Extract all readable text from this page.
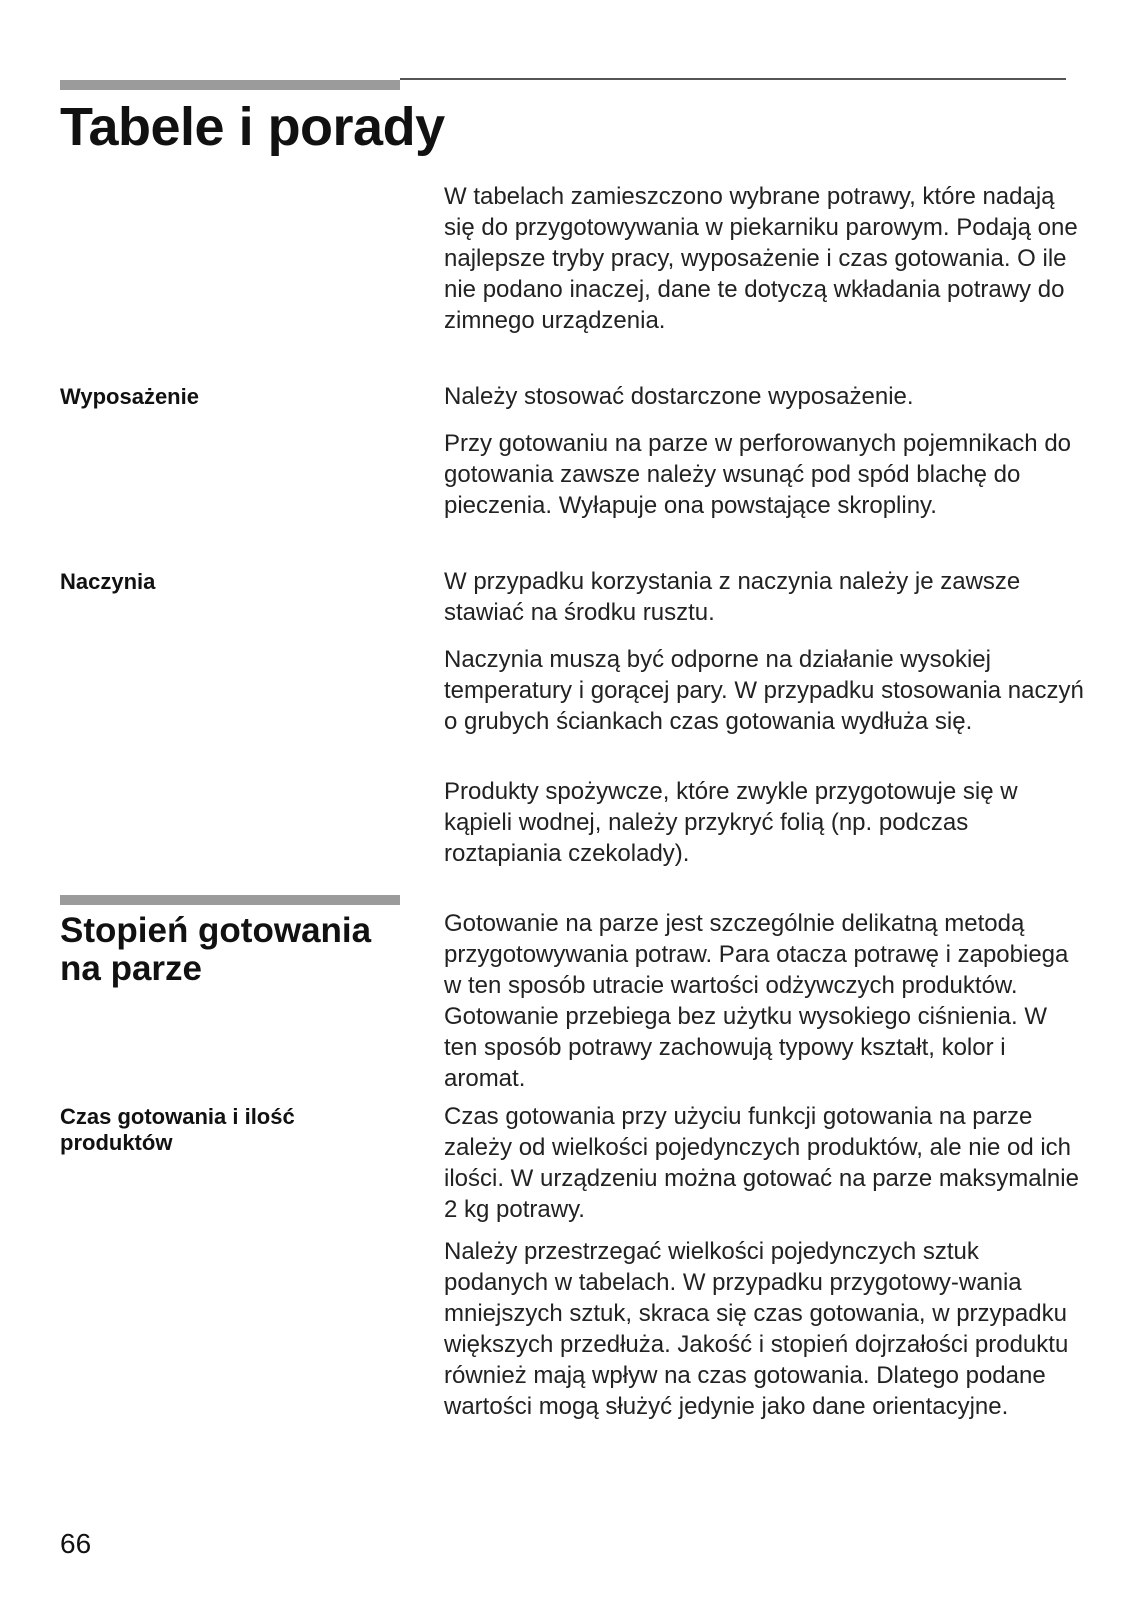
Tabele i porady

W tabelach zamieszczono wybrane potrawy, które nadają się do przygotowywania w piekarniku parowym. Podają one najlepsze tryby pracy, wyposażenie i czas gotowania. O ile nie podano inaczej, dane te dotyczą wkładania potrawy do zimnego urządzenia.

Wyposażenie	Należy stosować dostarczone wyposażenie.

Przy gotowaniu na parze w perforowanych pojemnikach do gotowania zawsze należy wsunąć pod spód blachę do pieczenia. Wyłapuje ona powstające skropliny.

Naczynia	W przypadku korzystania z naczynia należy je zawsze stawiać na środku rusztu.

Naczynia muszą być odporne na działanie wysokiej temperatury i gorącej pary. W przypadku stosowania naczyń o grubych ściankach czas gotowania wydłuża się.

Produkty spożywcze, które zwykle przygotowuje się w kąpieli wodnej, należy przykryć folią (np. podczas roztapiania czekolady).

Stopień gotowania
na parze

Gotowanie na parze jest szczególnie delikatną metodą przygotowywania potraw. Para otacza potrawę i zapobiega w ten sposób utracie wartości odżywczych produktów. Gotowanie przebiega bez użytku wysokiego ciśnienia. W ten sposób potrawy zachowują typowy kształt, kolor i aromat.

Czas gotowania i ilość produktów

Czas gotowania przy użyciu funkcji gotowania na parze zależy od wielkości pojedynczych produktów, ale nie od ich ilości. W urządzeniu można gotować na parze maksymalnie 2 kg potrawy.

Należy przestrzegać wielkości pojedynczych sztuk podanych w tabelach. W przypadku przygotowy-wania mniejszych sztuk, skraca się czas gotowania, w przypadku większych przedłuża. Jakość i stopień dojrzałości produktu również mają wpływ na czas gotowania. Dlatego podane wartości mogą służyć jedynie jako dane orientacyjne.

66
